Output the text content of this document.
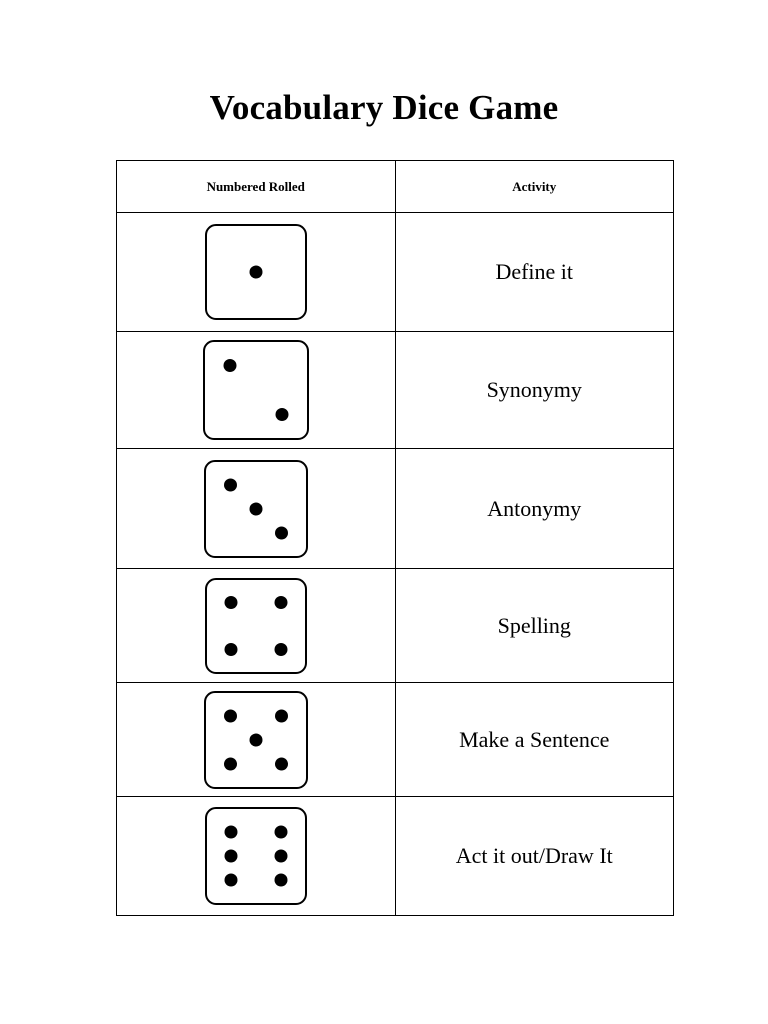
Vocabulary Dice Game
Numbered Rolled	Activity

	Define it

	Synonymy

	Antonymy

	Spelling

	Make a Sentence

	Act it out/Draw It
